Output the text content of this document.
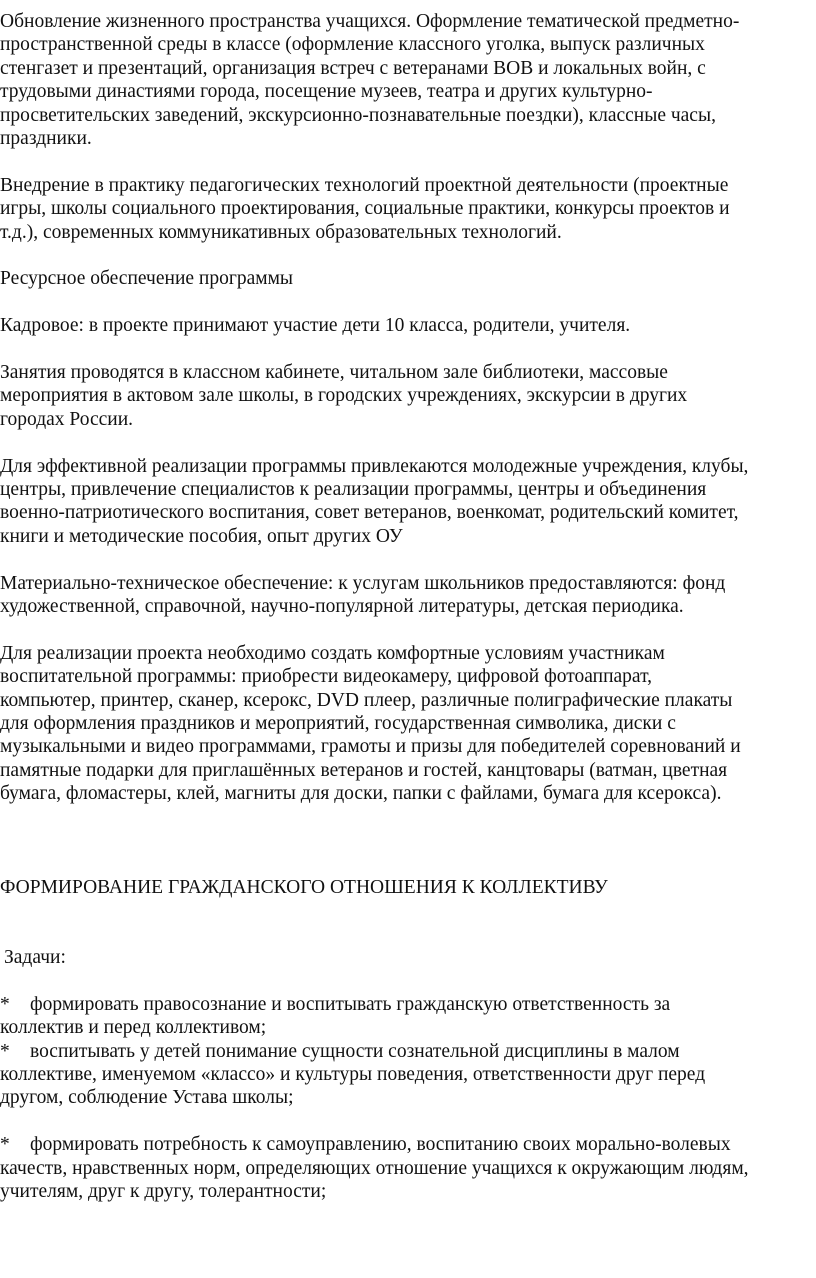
Обновление жизненного пространства учащихся. Оформление тематической предметно-
пространственной среды в классе (оформление классного уголка, выпуск различных
стенгазет и презентаций, организация встреч с ветеранами ВОВ и локальных войн, с
трудовыми династиями города, посещение музеев, театра и других культурно-
просветительских заведений, экскурсионно-познавательные поездки), классные часы,
праздники.

Внедрение в практику педагогических технологий проектной деятельности (проектные
игры, школы социального проектирования, социальные практики, конкурсы проектов и
т.д.), современных коммуникативных образовательных технологий.

Ресурсное обеспечение программы

Кадровое: в проекте принимают участие дети 10 класса, родители, учителя.

Занятия проводятся в классном кабинете, читальном зале библиотеки, массовые
мероприятия в актовом зале школы, в городских учреждениях, экскурсии в других
городах России.

Для эффективной реализации программы привлекаются молодежные учреждения, клубы,
центры, привлечение специалистов к реализации программы, центры и объединения
военно-патриотического воспитания, совет ветеранов, военкомат, родительский комитет,
книги и методические пособия, опыт других ОУ

Материально-техническое обеспечение: к услугам школьников предоставляются: фонд
художественной, справочной, научно-популярной литературы, детская периодика.

Для реализации проекта необходимо создать комфортные условиям участникам
воспитательной программы: приобрести видеокамеру, цифровой фотоаппарат,
компьютер, принтер, сканер, ксерокс, DVD плеер, различные полиграфические плакаты
для оформления праздников и мероприятий, государственная символика, диски с
музыкальными и видео программами, грамоты и призы для победителей соревнований и
памятные подарки для приглашённых ветеранов и гостей, канцтовары (ватман, цветная
бумага, фломастеры, клей, магниты для доски, папки с файлами, бумага для ксерокса).

ФОРМИРОВАНИЕ ГРАЖДАНСКОГО ОТНОШЕНИЯ К КОЛЛЕКТИВУ

Задачи:

* формировать правосознание и воспитывать гражданскую ответственность за
коллектив и перед коллективом;

* воспитывать у детей понимание сущности сознательной дисциплины в малом
коллективе, именуемом «классо» и культуры поведения, ответственности друг перед
другом, соблюдение Устава школы;

* формировать потребность к самоуправлению, воспитанию своих морально-волевых
качеств, нравственных норм, определяющих отношение учащихся к окружающим людям,
учителям, друг к другу, толерантности;
